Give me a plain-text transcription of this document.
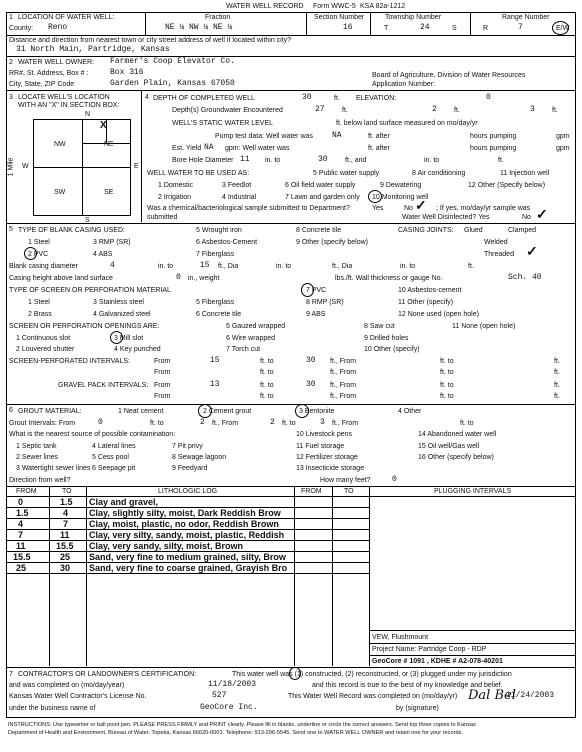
WATER WELL RECORD Form WWC-5 KSA 82a-1212
1 LOCATION OF WATER WELL:
County: Reno
Fraction
NE ¼ NW ¼ NE ¼
Section Number
16
Township Number
T	24	S
Range Number
R	7	E/W
Distance and direction from nearest town or city street address of well if located within city?
31 North Main, Partridge, Kansas
2 WATER WELL OWNER: Farmer's Coop Elevator Co.
RR#, St. Address, Box # :	Box 316
City, State, ZIP Code	Garden Plain, Kansas 67050
Board of Agriculture, Division of Water Resources
Application Number:
3 LOCATE WELL'S LOCATION
WITH AN "X" IN SECTION BOX:
N
S
W	E
1 Mile
NW	NE
SW	SE
X
4 DEPTH OF COMPLETED WELL	30	ft. ELEVATION:	0
Depth(s) Groundwater Encountered	27 ft.	2 ft.	3 ft.
WELL'S STATIC WATER LEVEL	ft. below land surface measured on mo/day/yr
Pump test data: Well water was NA	ft. after	hours pumping	gpm
Est. Yield NA gpm: Well water was	ft. after	hours pumping	gpm
Bore Hole Diameter 11 in. to	30 ft., and	in. to	ft.
WELL WATER TO BE USED AS:	5 Public water supply	8 Air conditioning	11 Injection well
1 Domestic	3 Feedlot	6 Oil field water supply	9 Dewatering	12 Other (Specify below)
2 Irrigation	4 Industrial	7 Lawn and garden only 10 Monitoring well
Was a chemical/bacteriological sample submitted to Department?	Yes	No ✓ ; If yes, mo/day/yr sample was
submitted	Water Well Disinfected? Yes	No ✓
5 TYPE OF BLANK CASING USED:	5 Wrought iron	8 Concrete tile	CASING JOINTS: Glued	Clamped
1 Steel	3 RMP (SR)	6 Asbestos-Cement	9 Other (specify below)	Welded
2 PVC	4 ABS	7 Fiberglass	Threaded ✓
Blank casing diameter	4	in. to	15 ft., Dia	in. to	ft., Dia	in. to	ft.
Casing height above land surface	0 in., weight	lbs./ft. Wall thickness or gauge No.	Sch. 40
TYPE OF SCREEN OR PERFORATION MATERIAL	7 PVC	10 Asbestos-cement
1 Steel	3 Stainless steel	5 Fiberglass	8 RMP (SR)	11 Other (specify)
2 Brass	4 Galvanized steel	6 Concrete tile	9 ABS	12 None used (open hole)
SCREEN OR PERFORATION OPENINGS ARE:	5 Gauzed wrapped	8 Saw cut	11 None (open hole)
1 Continuous slot	3 Mill slot	6 Wire wrapped	9 Drilled holes
2 Louvered shutter	4 Key punched	7 Torch cut	10 Other (specify)
SCREEN-PERFORATED INTERVALS:	From	15	ft. to	30 ft., From	ft. to	ft.
From	ft. to	ft., From	ft. to	ft.
GRAVEL PACK INTERVALS: From	13	ft. to	30 ft., From	ft. to	ft.
From	ft. to	ft., From	ft. to	ft.
6 GROUT MATERIAL:	1 Neat cement	2 Cement grout	3 Bentonite	4 Other
Grout Intervals: From	0	ft. to	2 ft., From	2 ft. to	3 ft., From	ft. to
What is the nearest source of possible contamination:	10 Livestock pens	14 Abandoned water well
1 Septic tank	4 Lateral lines	7 Pit privy	11 Fuel storage	15 Oil well/Gas well
2 Sewer lines	5 Cess pool	8 Sewage lagoon	12 Fertilizer storage	16 Other (specify below)
3 Watertight sewer lines 6 Seepage pit	9 Feedyard	13 Insecticide storage
Direction from well?	How many feet?	0
FROM	TO	LITHOLOGIC LOG	FROM	TO	PLUGGING INTERVALS
0	1.5 Clay and gravel,
1.5	4 Clay, slightly silty, moist, Dark Reddish Brow
4	7 Clay, moist, plastic, no odor, Reddish Brown
7	11 Clay, very silty, sandy, moist, plastic, Reddish
11	15.5 Clay, very sandy, silty, moist, Brown
15.5	25 Sand, very fine to medium grained, silty, Brow
25	30 Sand, very fine to coarse grained, Grayish Bro
VEW, Flushmount
Project Name: Partridge Coop - RDP
GeoCore # 1091 , KDHE # A2-078-40201
7 CONTRACTOR'S OR LANDOWNER'S CERTIFICATION:	This water well was (1) constructed, (2) reconstructed, or (3) plugged under my jurisdiction
and was completed on (mo/day/year)	11/18/2003	and this record is true to the best of my knowledge and belief.
Kansas Water Well Contractor's License No.	527	This Water Well Record was completed on (mo/day/yr)	11/24/2003
under the business name of	GeoCore Inc.	by (signature)
Dal Bel
INSTRUCTIONS: Use typewriter or ball point pen. PLEASE PRESS FIRMLY and PRINT clearly. Please fill in blanks, underline or circle the correct answers. Send top three copies to Kansas
Department of Health and Environment, Bureau of Water, Topeka, Kansas 66620-0001. Telephone: 913-296-5545. Send one to WATER WELL OWNER and retain one for your records.
